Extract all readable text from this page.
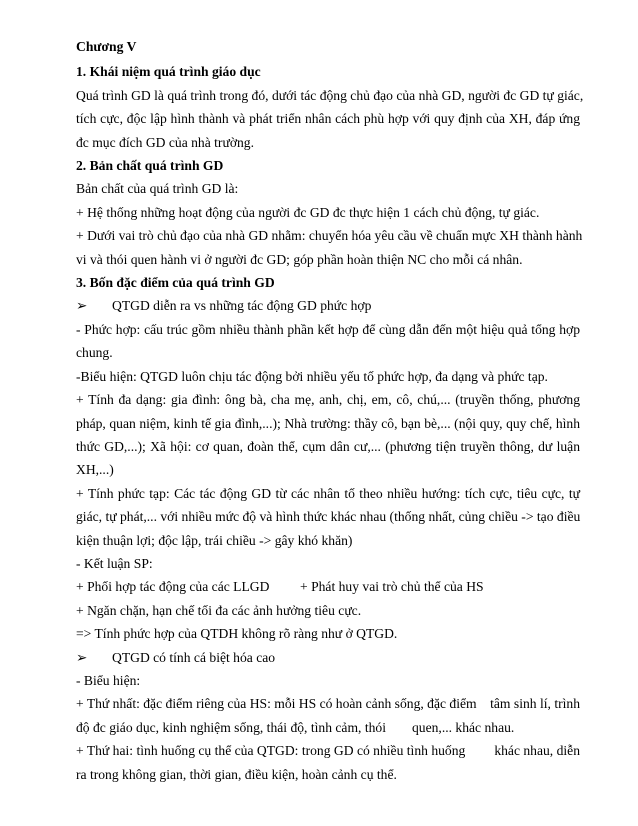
Chương V
1. Khái niệm quá trình giáo dục
Quá trình GD là quá trình trong đó, dưới tác động chủ đạo của nhà GD, người đc GD tự giác,
tích cực, độc lập hình thành và phát triển nhân cách phù hợp với quy định của XH, đáp ứng
đc mục đích GD của nhà trường.
2. Bản chất quá trình GD
Bản chất của quá trình GD là:
+ Hệ thống những hoạt động của người đc GD đc thực hiện 1 cách chủ động, tự giác.
+ Dưới vai trò chủ đạo của nhà GD nhằm: chuyển hóa yêu cầu về chuẩn mực XH thành hành
vi và thói quen hành vi ở người đc GD; góp phần hoàn thiện NC cho mỗi cá nhân.
3. Bốn đặc điểm của quá trình GD
➢ QTGD diễn ra vs những tác động GD phức hợp
- Phức hợp: cấu trúc gồm nhiều thành phần kết hợp để cùng dẫn đến một hiệu quả tổng hợp
chung.
-Biểu hiện: QTGD luôn chịu tác động bởi nhiều yếu tố phức hợp, đa dạng và phức tạp.
+ Tính đa dạng: gia đình: ông bà, cha mẹ, anh, chị, em, cô, chú,... (truyền thống, phương
pháp, quan niệm, kinh tế gia đình,...); Nhà trường: thầy cô, bạn bè,... (nội quy, quy chế, hình
thức GD,...); Xã hội: cơ quan, đoàn thể, cụm dân cư,... (phương tiện truyền thông, dư luận
XH,...)
+ Tính phức tạp: Các tác động GD từ các nhân tố theo nhiều hướng: tích cực, tiêu cực, tự
giác, tự phát,... với nhiều mức độ và hình thức khác nhau (thống nhất, củng chiều -> tạo điều
kiện thuận lợi; độc lập, trái chiều -> gây khó khăn)
- Kết luận SP:
+ Phối hợp tác động của các LLGD + Phát huy vai trò chủ thể của HS
+ Ngăn chặn, hạn chế tối đa các ảnh hưởng tiêu cực.
=> Tính phức hợp của QTDH không rõ ràng như ở QTGD.
➢ QTGD có tính cá biệt hóa cao
- Biểu hiện:
+ Thứ nhất: đặc điểm riêng của HS: mỗi HS có hoàn cảnh sống, đặc điểm tâm sinh lí, trình
độ đc giáo dục, kinh nghiệm sống, thái độ, tình cảm, thói quen,... khác nhau.
+ Thứ hai: tình huống cụ thể của QTGD: trong GD có nhiều tình huống khác nhau, diễn
ra trong không gian, thời gian, điều kiện, hoàn cảnh cụ thể.
